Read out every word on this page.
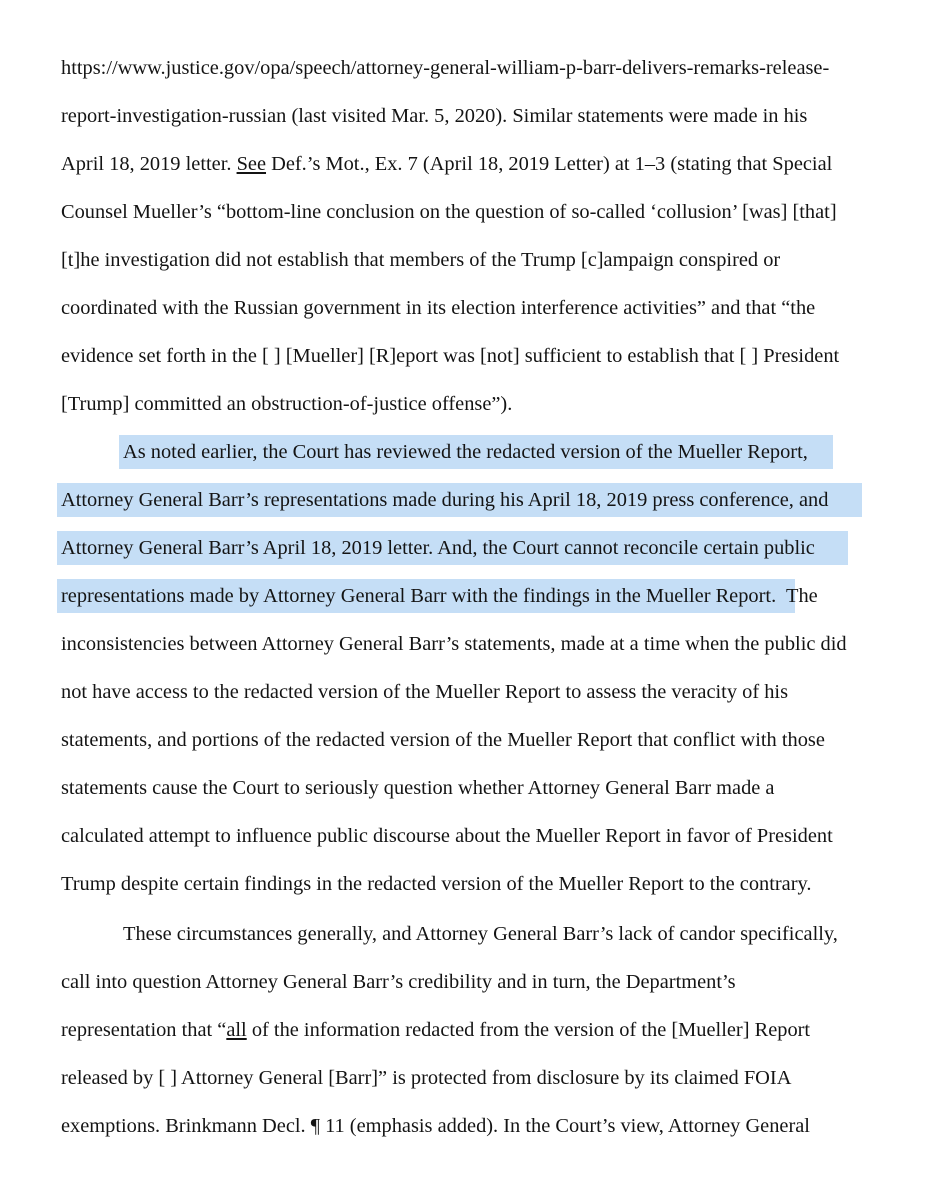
https://www.justice.gov/opa/speech/attorney-general-william-p-barr-delivers-remarks-release-
report-investigation-russian (last visited Mar. 5, 2020). Similar statements were made in his
April 18, 2019 letter. See Def.’s Mot., Ex. 7 (April 18, 2019 Letter) at 1–3 (stating that Special
Counsel Mueller’s “bottom-line conclusion on the question of so-called ‘collusion’ [was] [that]
[t]he investigation did not establish that members of the Trump [c]ampaign conspired or
coordinated with the Russian government in its election interference activities” and that “the
evidence set forth in the [ ] [Mueller] [R]eport was [not] sufficient to establish that [ ] President
[Trump] committed an obstruction-of-justice offense”).
As noted earlier, the Court has reviewed the redacted version of the Mueller Report,
Attorney General Barr’s representations made during his April 18, 2019 press conference, and
Attorney General Barr’s April 18, 2019 letter. And, the Court cannot reconcile certain public
representations made by Attorney General Barr with the findings in the Mueller Report.  The
inconsistencies between Attorney General Barr’s statements, made at a time when the public did
not have access to the redacted version of the Mueller Report to assess the veracity of his
statements, and portions of the redacted version of the Mueller Report that conflict with those
statements cause the Court to seriously question whether Attorney General Barr made a
calculated attempt to influence public discourse about the Mueller Report in favor of President
Trump despite certain findings in the redacted version of the Mueller Report to the contrary.
These circumstances generally, and Attorney General Barr’s lack of candor specifically,
call into question Attorney General Barr’s credibility and in turn, the Department’s
representation that “all of the information redacted from the version of the [Mueller] Report
released by [ ] Attorney General [Barr]” is protected from disclosure by its claimed FOIA
exemptions. Brinkmann Decl. ¶ 11 (emphasis added). In the Court’s view, Attorney General
